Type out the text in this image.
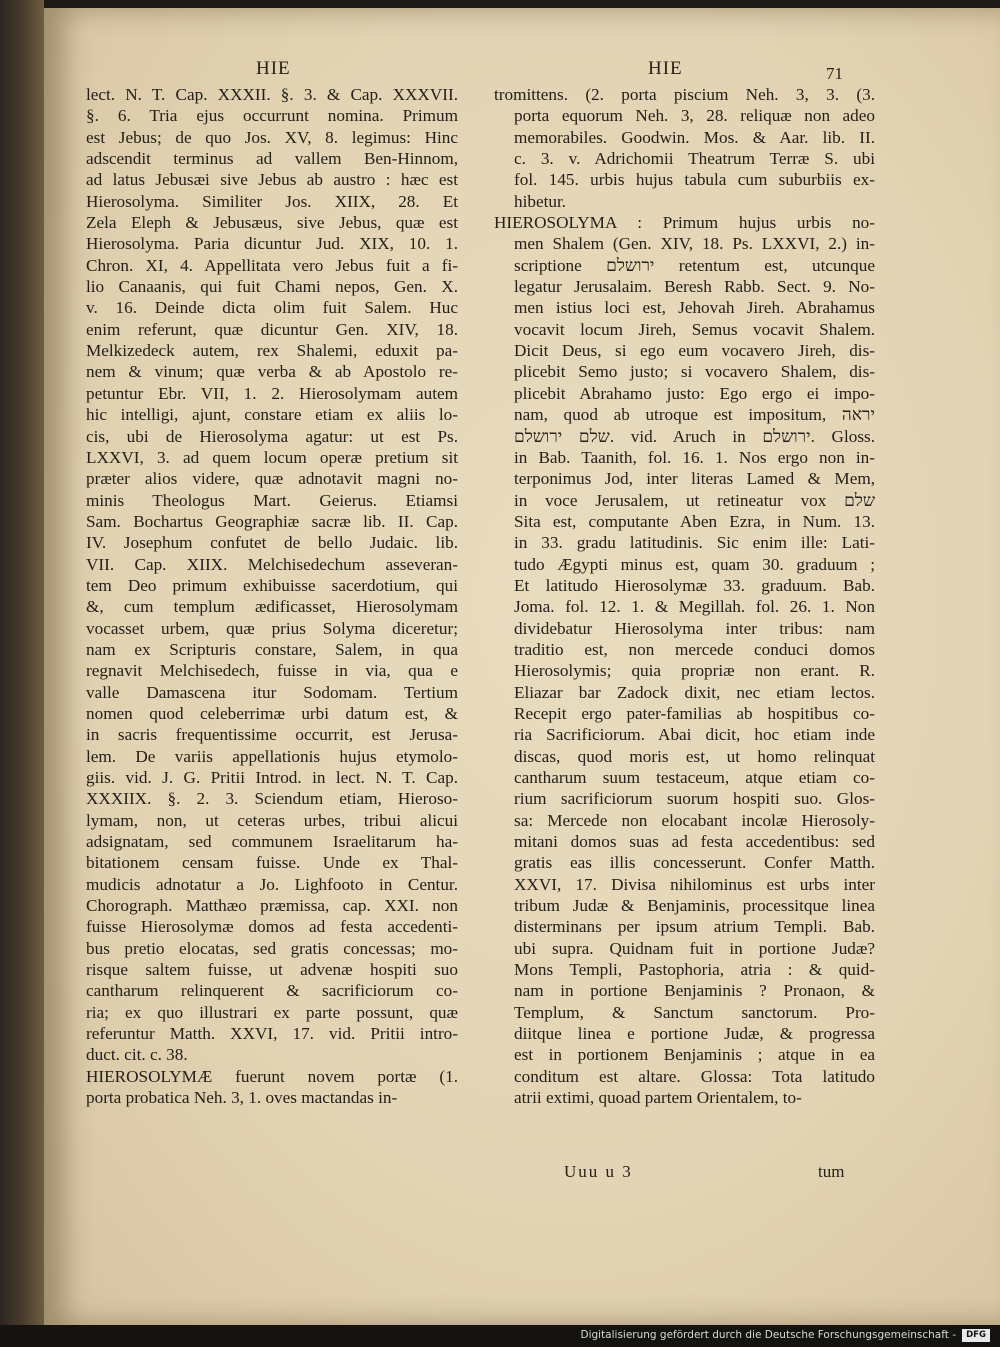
HIE	HIE	71
lect. N. T. Cap. XXXII. §. 3. & Cap. XXXVII.
§. 6. Tria ejus occurrunt nomina. Primum
est Jebus; de quo Jos. XV, 8. legimus: Hinc
adscendit terminus ad vallem Ben-Hinnom,
ad latus Jebusæi sive Jebus ab austro : hæc est
Hierosolyma. Similiter Jos. XIIX, 28. Et
Zela Eleph & Jebusæus, sive Jebus, quæ est
Hierosolyma. Paria dicuntur Jud. XIX, 10. 1.
Chron. XI, 4. Appellitata vero Jebus fuit a fi-
lio Canaanis, qui fuit Chami nepos, Gen. X.
v. 16. Deinde dicta olim fuit Salem. Huc
enim referunt, quæ dicuntur Gen. XIV, 18.
Melkizedeck autem, rex Shalemi, eduxit pa-
nem & vinum; quæ verba & ab Apostolo re-
petuntur Ebr. VII, 1. 2. Hierosolymam autem
hic intelligi, ajunt, constare etiam ex aliis lo-
cis, ubi de Hierosolyma agatur: ut est Ps.
LXXVI, 3. ad quem locum operæ pretium sit
præter alios videre, quæ adnotavit magni no-
minis Theologus Mart. Geierus. Etiamsi
Sam. Bochartus Geographiæ sacræ lib. II. Cap.
IV. Josephum confutet de bello Judaic. lib.
VII. Cap. XIIX. Melchisedechum asseveran-
tem Deo primum exhibuisse sacerdotium, qui
&, cum templum ædificasset, Hierosolymam
vocasset urbem, quæ prius Solyma diceretur;
nam ex Scripturis constare, Salem, in qua
regnavit Melchisedech, fuisse in via, qua e
valle Damascena itur Sodomam. Tertium
nomen quod celeberrimæ urbi datum est, &
in sacris frequentissime occurrit, est Jerusa-
lem. De variis appellationis hujus etymolo-
giis. vid. J. G. Pritii Introd. in lect. N. T. Cap.
XXXIIX. §. 2. 3. Sciendum etiam, Hieroso-
lymam, non, ut ceteras urbes, tribui alicui
adsignatam, sed communem Israelitarum ha-
bitationem censam fuisse. Unde ex Thal-
mudicis adnotatur a Jo. Lighfooto in Centur.
Chorograph. Matthæo præmissa, cap. XXI. non
fuisse Hierosolymæ domos ad festa accedenti-
bus pretio elocatas, sed gratis concessas; mo-
risque saltem fuisse, ut advenæ hospiti suo
cantharum relinquerent & sacrificiorum co-
ria; ex quo illustrari ex parte possunt, quæ
referuntur Matth. XXVI, 17. vid. Pritii intro-
duct. cit. c. 38.
HIEROSOLYMÆ fuerunt novem portæ (1.
porta probatica Neh. 3, 1. oves mactandas in-
tromittens. (2. porta piscium Neh. 3, 3. (3.
porta equorum Neh. 3, 28. reliquæ non adeo
memorabiles. Goodwin. Mos. & Aar. lib. II.
c. 3. v. Adrichomii Theatrum Terræ S. ubi
fol. 145. urbis hujus tabula cum suburbiis ex-
hibetur.
HIEROSOLYMA : Primum hujus urbis no-
men Shalem (Gen. XIV, 18. Ps. LXXVI, 2.) in-
scriptione ירושלם retentum est, utcunque
legatur Jerusalaim. Beresh Rabb. Sect. 9. No-
men istius loci est, Jehovah Jireh. Abrahamus
vocavit locum Jireh, Semus vocavit Shalem.
Dicit Deus, si ego eum vocavero Jireh, dis-
plicebit Semo justo; si vocavero Shalem, dis-
plicebit Abrahamo justo: Ego ergo ei impo-
nam, quod ab utroque est impositum, יראה
שלם ירושלם. vid. Aruch in ירושלם. Gloss.
in Bab. Taanith, fol. 16. 1. Nos ergo non in-
terponimus Jod, inter literas Lamed & Mem,
in voce Jerusalem, ut retineatur vox שלם
Sita est, computante Aben Ezra, in Num. 13.
in 33. gradu latitudinis. Sic enim ille: Lati-
tudo Ægypti minus est, quam 30. graduum ;
Et latitudo Hierosolymæ 33. graduum. Bab.
Joma. fol. 12. 1. & Megillah. fol. 26. 1. Non
dividebatur Hierosolyma inter tribus: nam
traditio est, non mercede conduci domos
Hierosolymis; quia propriæ non erant. R.
Eliazar bar Zadock dixit, nec etiam lectos.
Recepit ergo pater-familias ab hospitibus co-
ria Sacrificiorum. Abai dicit, hoc etiam inde
discas, quod moris est, ut homo relinquat
cantharum suum testaceum, atque etiam co-
rium sacrificiorum suorum hospiti suo. Glos-
sa: Mercede non elocabant incolæ Hierosoly-
mitani domos suas ad festa accedentibus: sed
gratis eas illis concesserunt. Confer Matth.
XXVI, 17. Divisa nihilominus est urbs inter
tribum Judæ & Benjaminis, processitque linea
disterminans per ipsum atrium Templi. Bab.
ubi supra. Quidnam fuit in portione Judæ?
Mons Templi, Pastophoria, atria : & quid-
nam in portione Benjaminis ? Pronaon, &
Templum, & Sanctum sanctorum. Pro-
diitque linea e portione Judæ, & progressa
est in portionem Benjaminis ; atque in ea
conditum est altare. Glossa: Tota latitudo
atrii extimi, quoad partem Orientalem, to-
Uuu u 3	tum
Digitalisierung gefördert durch die Deutsche Forschungsgemeinschaft -	DFG
